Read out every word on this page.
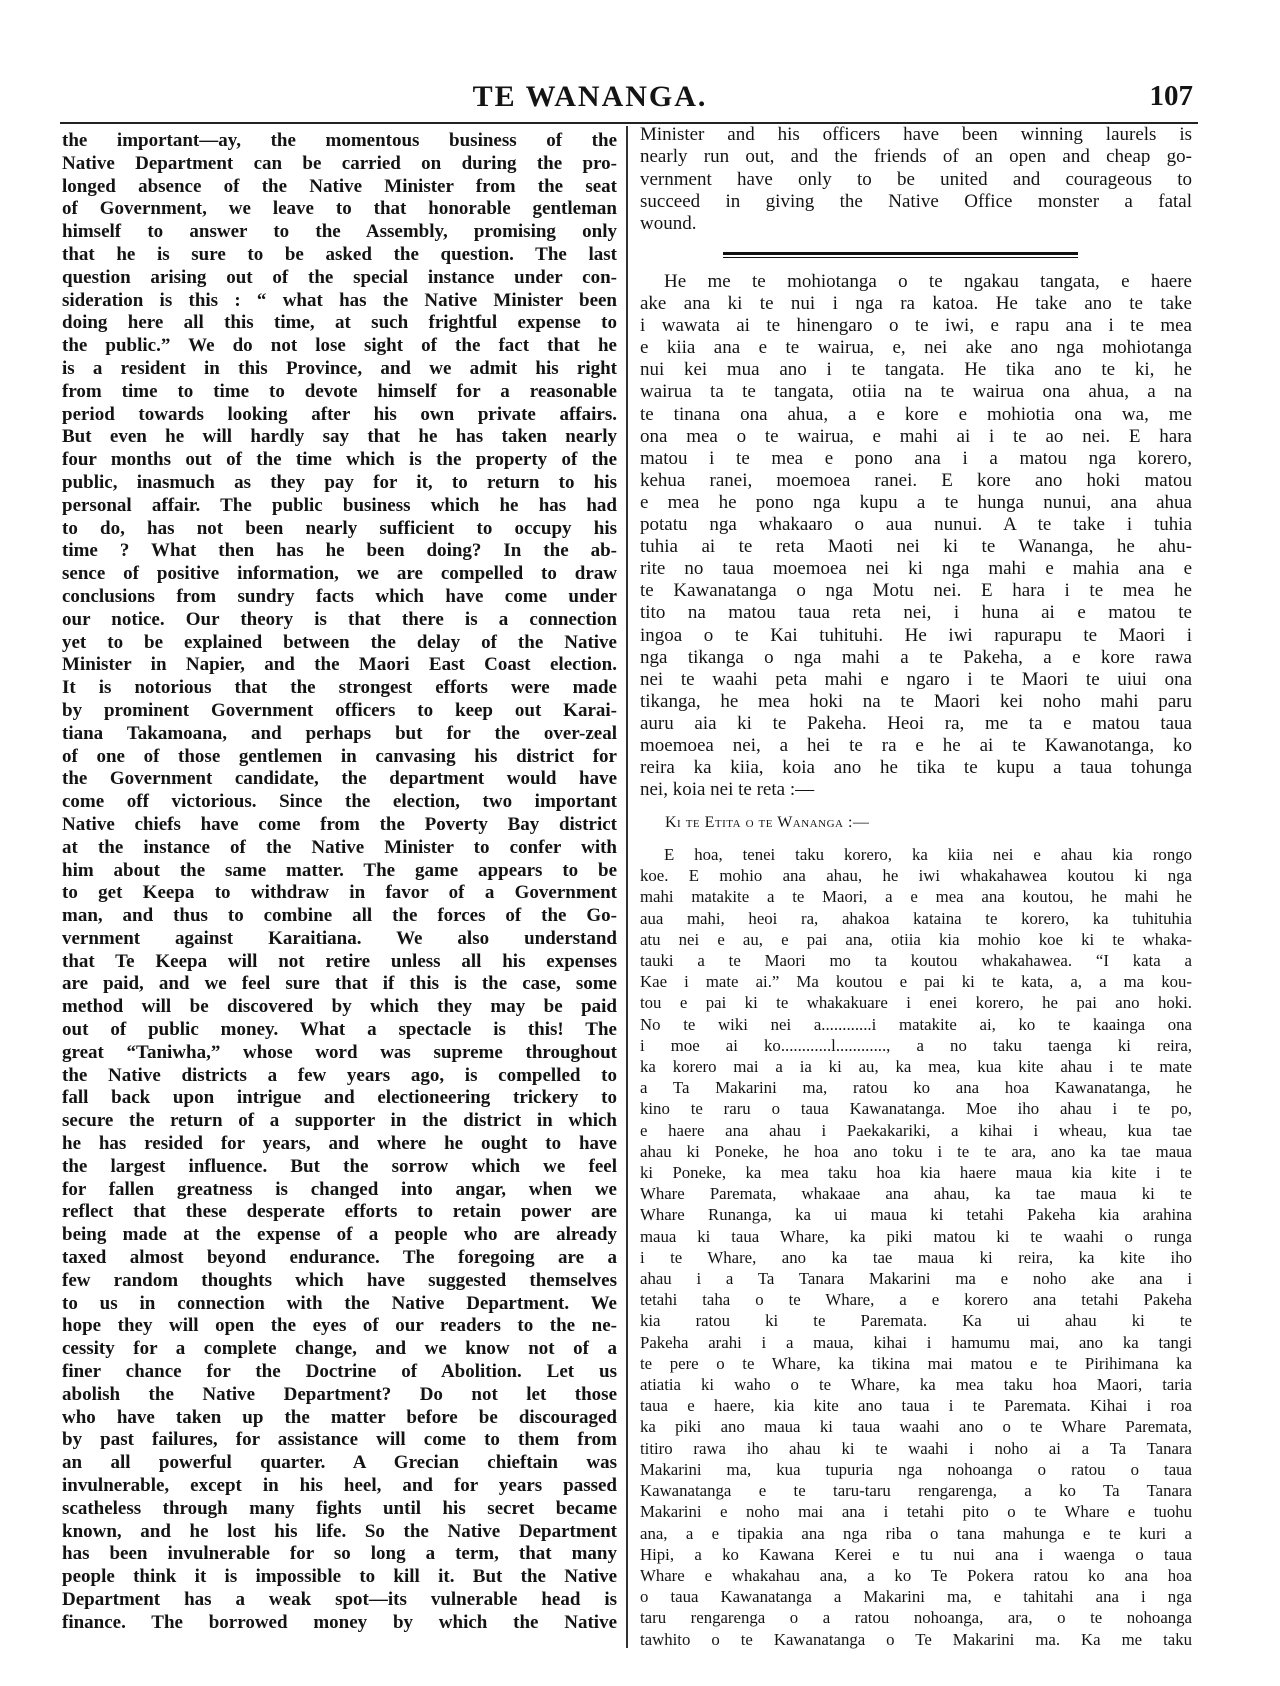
TE WANANGA.	107
the important—ay, the momentous business of the
Native Department can be carried on during the pro-
longed absence of the Native Minister from the seat
of Government, we leave to that honorable gentleman
himself to answer to the Assembly, promising only
that he is sure to be asked the question. The last
question arising out of the special instance under con-
sideration is this : “ what has the Native Minister been
doing here all this time, at such frightful expense to
the public.” We do not lose sight of the fact that he
is a resident in this Province, and we admit his right
from time to time to devote himself for a reasonable
period towards looking after his own private affairs.
But even he will hardly say that he has taken nearly
four months out of the time which is the property of the
public, inasmuch as they pay for it, to return to his
personal affair. The public business which he has had
to do, has not been nearly sufficient to occupy his
time ? What then has he been doing? In the ab-
sence of positive information, we are compelled to draw
conclusions from sundry facts which have come under
our notice. Our theory is that there is a connection
yet to be explained between the delay of the Native
Minister in Napier, and the Maori East Coast election.
It is notorious that the strongest efforts were made
by prominent Government officers to keep out Karai-
tiana Takamoana, and perhaps but for the over-zeal
of one of those gentlemen in canvasing his district for
the Government candidate, the department would have
come off victorious. Since the election, two important
Native chiefs have come from the Poverty Bay district
at the instance of the Native Minister to confer with
him about the same matter. The game appears to be
to get Keepa to withdraw in favor of a Government
man, and thus to combine all the forces of the Go-
vernment against Karaitiana. We also understand
that Te Keepa will not retire unless all his expenses
are paid, and we feel sure that if this is the case, some
method will be discovered by which they may be paid
out of public money. What a spectacle is this! The
great “Taniwha,” whose word was supreme throughout
the Native districts a few years ago, is compelled to
fall back upon intrigue and electioneering trickery to
secure the return of a supporter in the district in which
he has resided for years, and where he ought to have
the largest influence. But the sorrow which we feel
for fallen greatness is changed into angar, when we
reflect that these desperate efforts to retain power are
being made at the expense of a people who are already
taxed almost beyond endurance. The foregoing are a
few random thoughts which have suggested themselves
to us in connection with the Native Department. We
hope they will open the eyes of our readers to the ne-
cessity for a complete change, and we know not of a
finer chance for the Doctrine of Abolition. Let us
abolish the Native Department? Do not let those
who have taken up the matter before be discouraged
by past failures, for assistance will come to them from
an all powerful quarter. A Grecian chieftain was
invulnerable, except in his heel, and for years passed
scatheless through many fights until his secret became
known, and he lost his life. So the Native Department
has been invulnerable for so long a term, that many
people think it is impossible to kill it. But the Native
Department has a weak spot—its vulnerable head is
finance. The borrowed money by which the Native
Minister and his officers have been winning laurels is
nearly run out, and the friends of an open and cheap go-
vernment have only to be united and courageous to
succeed in giving the Native Office monster a fatal
wound.
He me te mohiotanga o te ngakau tangata, e haere
ake ana ki te nui i nga ra katoa. He take ano te take
i wawata ai te hinengaro o te iwi, e rapu ana i te mea
e kiia ana e te wairua, e, nei ake ano nga mohiotanga
nui kei mua ano i te tangata. He tika ano te ki, he
wairua ta te tangata, otiia na te wairua ona ahua, a na
te tinana ona ahua, a e kore e mohiotia ona wa, me
ona mea o te wairua, e mahi ai i te ao nei. E hara
matou i te mea e pono ana i a matou nga korero,
kehua ranei, moemoea ranei. E kore ano hoki matou
e mea he pono nga kupu a te hunga nunui, ana ahua
potatu nga whakaaro o aua nunui. A te take i tuhia
tuhia ai te reta Maoti nei ki te Wananga, he ahu-
rite no taua moemoea nei ki nga mahi e mahia ana e
te Kawanatanga o nga Motu nei. E hara i te mea he
tito na matou taua reta nei, i huna ai e matou te
ingoa o te Kai tuhituhi. He iwi rapurapu te Maori i
nga tikanga o nga mahi a te Pakeha, a e kore rawa
nei te waahi peta mahi e ngaro i te Maori te uiui ona
tikanga, he mea hoki na te Maori kei noho mahi paru
auru aia ki te Pakeha. Heoi ra, me ta e matou taua
moemoea nei, a hei te ra e he ai te Kawanotanga, ko
reira ka kiia, koia ano he tika te kupu a taua tohunga
nei, koia nei te reta :—
Ki te Etita o te Wananga :—
E hoa, tenei taku korero, ka kiia nei e ahau kia rongo
koe. E mohio ana ahau, he iwi whakahawea koutou ki nga
mahi matakite a te Maori, a e mea ana koutou, he mahi he
aua mahi, heoi ra, ahakoa kataina te korero, ka tuhituhia
atu nei e au, e pai ana, otiia kia mohio koe ki te whaka-
tauki a te Maori mo ta koutou whakahawea. “I kata a
Kae i mate ai.” Ma koutou e pai ki te kata, a, a ma kou-
tou e pai ki te whakakuare i enei korero, he pai ano hoki.
No te wiki nei a............i matakite ai, ko te kaainga ona
i moe ai ko............l............, a no taku taenga ki reira,
ka korero mai a ia ki au, ka mea, kua kite ahau i te mate
a Ta Makarini ma, ratou ko ana hoa Kawanatanga, he
kino te raru o taua Kawanatanga. Moe iho ahau i te po,
e haere ana ahau i Paekakariki, a kihai i wheau, kua tae
ahau ki Poneke, he hoa ano toku i te te ara, ano ka tae maua
ki Poneke, ka mea taku hoa kia haere maua kia kite i te
Whare Paremata, whakaae ana ahau, ka tae maua ki te
Whare Runanga, ka ui maua ki tetahi Pakeha kia arahina
maua ki taua Whare, ka piki matou ki te waahi o runga
i te Whare, ano ka tae maua ki reira, ka kite iho
ahau i a Ta Tanara Makarini ma e noho ake ana i
tetahi taha o te Whare, a e korero ana tetahi Pakeha
kia ratou ki te Paremata. Ka ui ahau ki te
Pakeha arahi i a maua, kihai i hamumu mai, ano ka tangi
te pere o te Whare, ka tikina mai matou e te Pirihimana ka
atiatia ki waho o te Whare, ka mea taku hoa Maori, taria
taua e haere, kia kite ano taua i te Paremata. Kihai i roa
ka piki ano maua ki taua waahi ano o te Whare Paremata,
titiro rawa iho ahau ki te waahi i noho ai a Ta Tanara
Makarini ma, kua tupuria nga nohoanga o ratou o taua
Kawanatanga e te taru-taru rengarenga, a ko Ta Tanara
Makarini e noho mai ana i tetahi pito o te Whare e tuohu
ana, a e tipakia ana nga riba o tana mahunga e te kuri a
Hipi, a ko Kawana Kerei e tu nui ana i waenga o taua
Whare e whakahau ana, a ko Te Pokera ratou ko ana hoa
o taua Kawanatanga a Makarini ma, e tahitahi ana i nga
taru rengarenga o a ratou nohoanga, ara, o te nohoanga
tawhito o te Kawanatanga o Te Makarini ma. Ka me taku
